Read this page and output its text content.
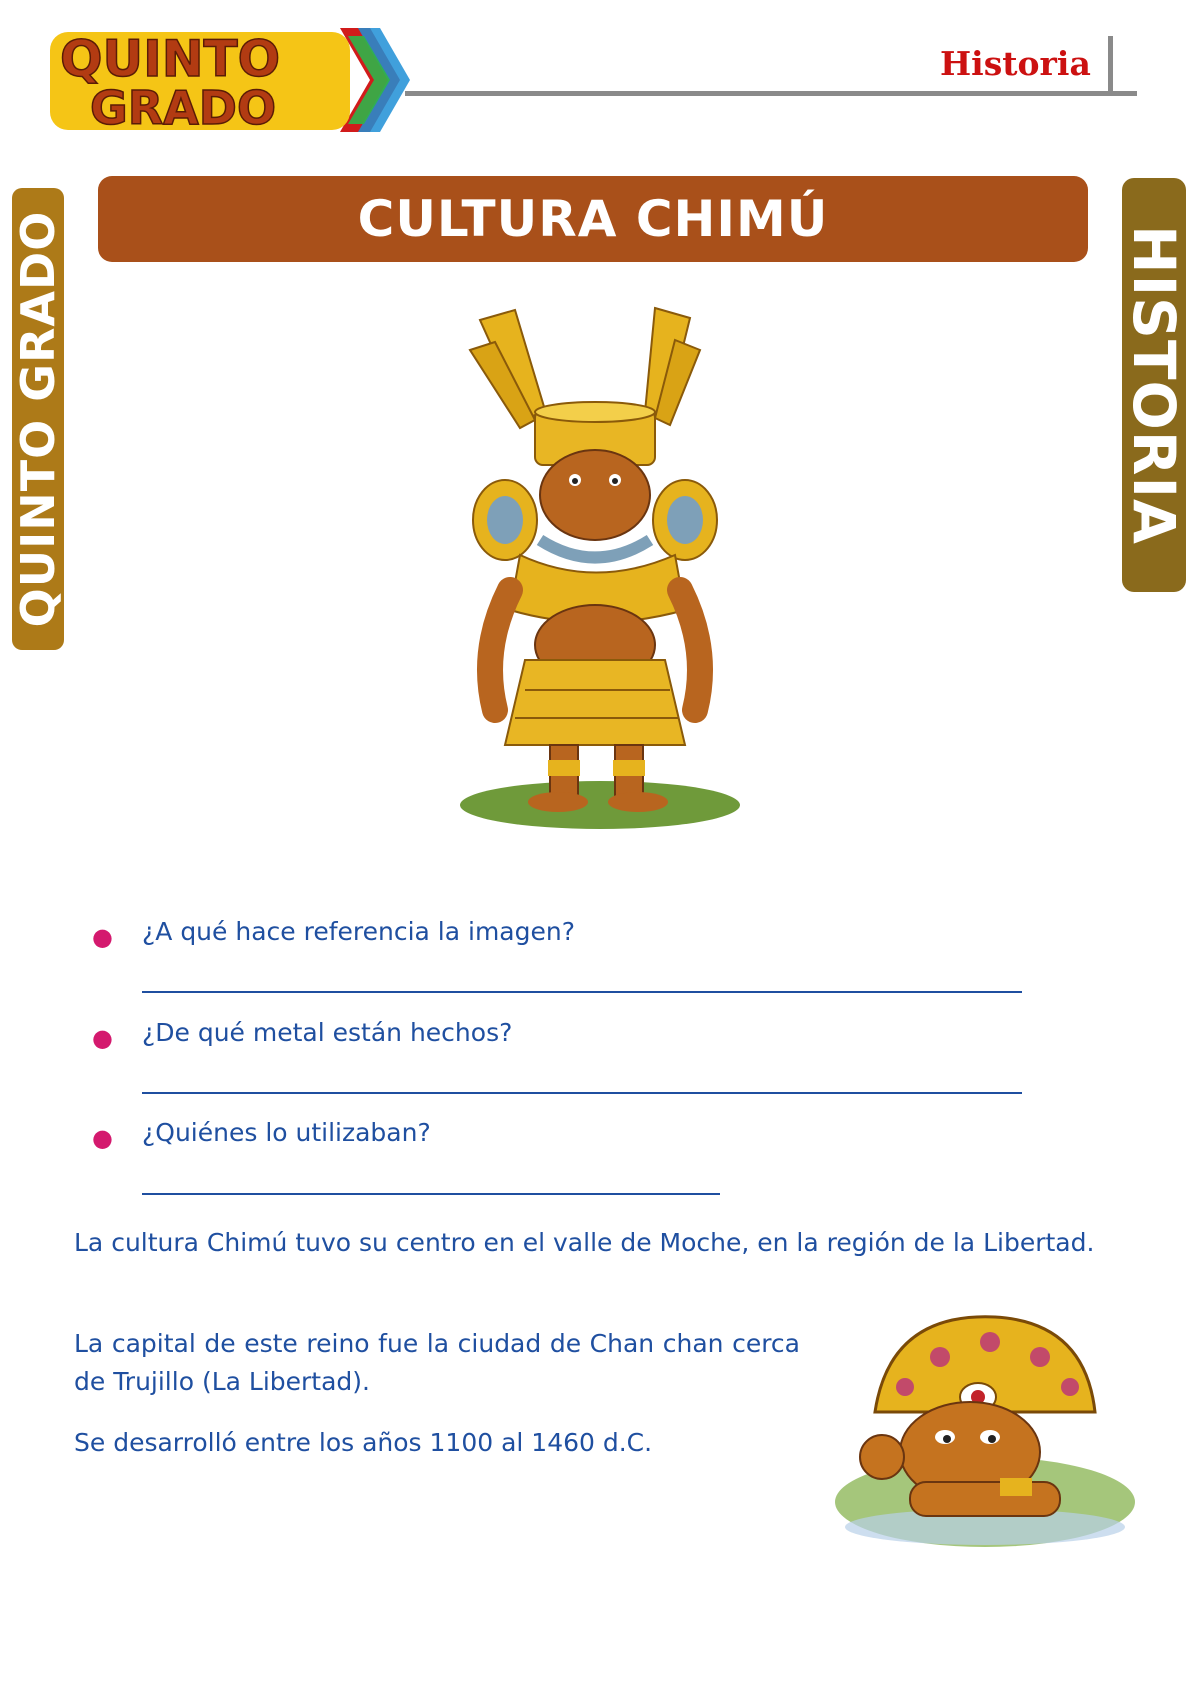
QUINTO
GRADO
Historia
QUINTO GRADO	HISTORIA
CULTURA CHIMÚ
● ¿A qué hace referencia la imagen?
● ¿De qué metal están hechos?
● ¿Quiénes lo utilizaban?
La cultura Chimú tuvo su centro en el valle de Moche, en la región de la Libertad.
La capital de este reino fue la ciudad de Chan chan cerca de Trujillo (La Libertad).
Se desarrolló entre los años 1100 al 1460 d.C.
